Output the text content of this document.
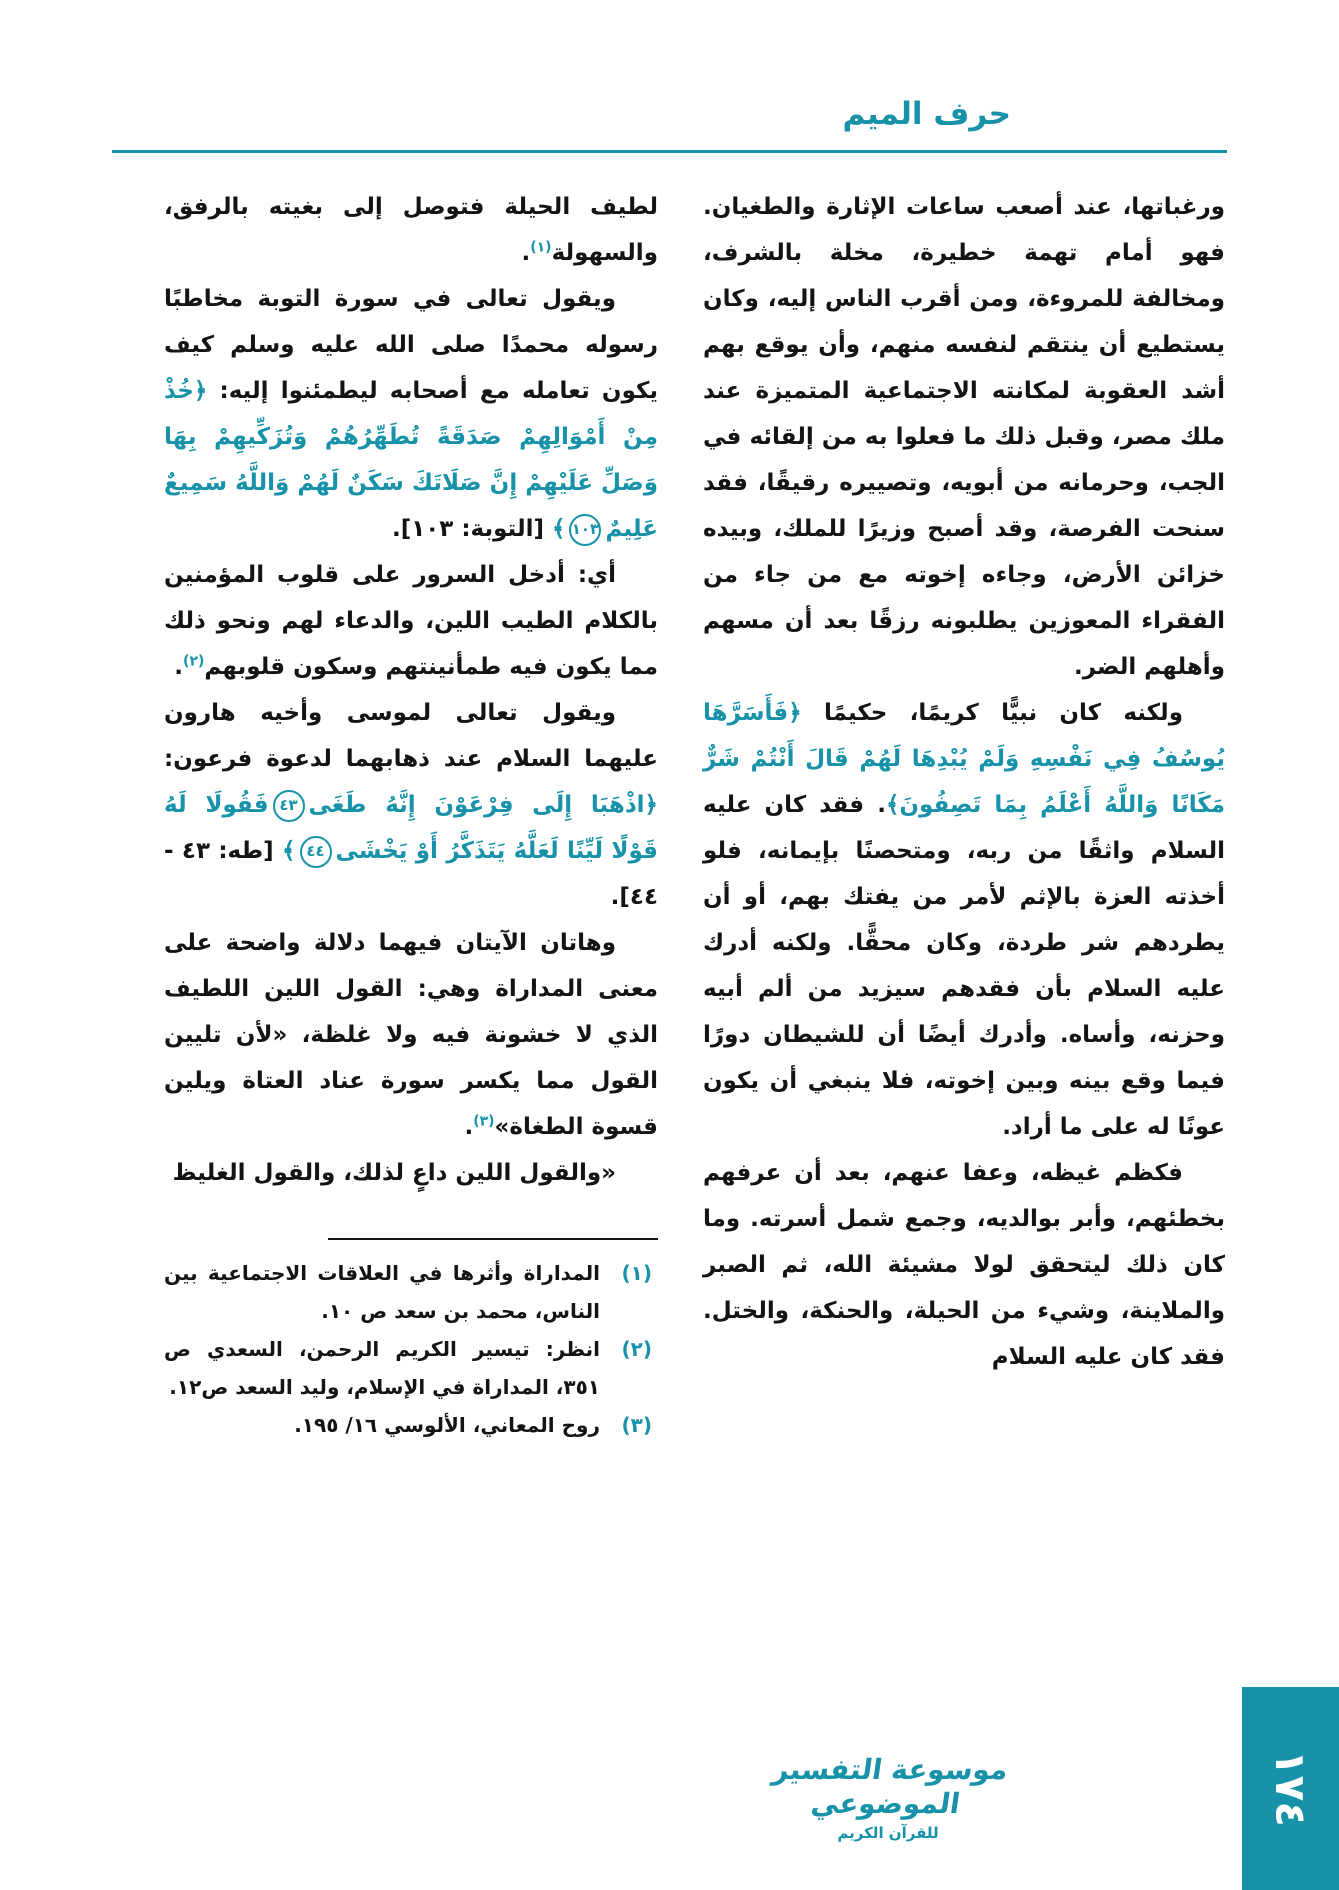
حرف الميم

ورغباتها، عند أصعب ساعات الإثارة والطغيان. فهو أمام تهمة خطيرة، مخلة بالشرف، ومخالفة للمروءة، ومن أقرب الناس إليه، وكان يستطيع أن ينتقم لنفسه منهم، وأن يوقع بهم أشد العقوبة لمكانته الاجتماعية المتميزة عند ملك مصر، وقبل ذلك ما فعلوا به من إلقائه في الجب، وحرمانه من أبويه، وتصييره رقيقًا، فقد سنحت الفرصة، وقد أصبح وزيرًا للملك، وبيده خزائن الأرض، وجاءه إخوته مع من جاء من الفقراء المعوزين يطلبونه رزقًا بعد أن مسهم وأهلهم الضر.

ولكنه كان نبيًّا كريمًا، حكيمًا ﴿فَأَسَرَّهَا يُوسُفُ فِي نَفْسِهِ وَلَمْ يُبْدِهَا لَهُمْ قَالَ أَنْتُمْ شَرٌّ مَكَانًا وَاللَّهُ أَعْلَمُ بِمَا تَصِفُونَ﴾. فقد كان عليه السلام واثقًا من ربه، ومتحصنًا بإيمانه، فلو أخذته العزة بالإثم لأمر من يفتك بهم، أو أن يطردهم شر طردة، وكان محقًّا. ولكنه أدرك عليه السلام بأن فقدهم سيزيد من ألم أبيه وحزنه، وأساه. وأدرك أيضًا أن للشيطان دورًا فيما وقع بينه وبين إخوته، فلا ينبغي أن يكون عونًا له على ما أراد.

فكظم غيظه، وعفا عنهم، بعد أن عرفهم بخطئهم، وأبر بوالديه، وجمع شمل أسرته. وما كان ذلك ليتحقق لولا مشيئة الله، ثم الصبر والملاينة، وشيء من الحيلة، والحنكة، والختل. فقد كان عليه السلام

لطيف الحيلة فتوصل إلى بغيته بالرفق، والسهولة$^{(١)}$.

ويقول تعالى في سورة التوبة مخاطبًا رسوله محمدًا صلى الله عليه وسلم كيف يكون تعامله مع أصحابه ليطمئنوا إليه: ﴿خُذْ مِنْ أَمْوَالِهِمْ صَدَقَةً تُطَهِّرُهُمْ وَتُزَكِّيهِمْ بِهَا وَصَلِّ عَلَيْهِمْ إِنَّ صَلَاتَكَ سَكَنٌ لَهُمْ وَاللَّهُ سَمِيعٌ عَلِيمٌ١٠٣﴾ [التوبة: ١٠٣].

أي: أدخل السرور على قلوب المؤمنين بالكلام الطيب اللين، والدعاء لهم ونحو ذلك مما يكون فيه طمأنينتهم وسكون قلوبهم$^{(٢)}$.

ويقول تعالى لموسى وأخيه هارون عليهما السلام عند ذهابهما لدعوة فرعون: ﴿اذْهَبَا إِلَى فِرْعَوْنَ إِنَّهُ طَغَى٤٣فَقُولَا لَهُ قَوْلًا لَيِّنًا لَعَلَّهُ يَتَذَكَّرُ أَوْ يَخْشَى٤٤﴾ [طه: ٤٣ - ٤٤].

وهاتان الآيتان فيهما دلالة واضحة على معنى المداراة وهي: القول اللين اللطيف الذي لا خشونة فيه ولا غلظة، «لأن تليين القول مما يكسر سورة عناد العتاة ويلين قسوة الطغاة»$^{(٣)}$.

«والقول اللين داعٍ لذلك، والقول الغليظ

(١)
المداراة وأثرها في العلاقات الاجتماعية بين الناس، محمد بن سعد ص ١٠.
(٢)
انظر: تيسير الكريم الرحمن، السعدي ص ٣٥١، المداراة في الإسلام، وليد السعد ص١٢.
(٣)
روح المعاني، الألوسي ١٦/ ١٩٥.
موسوعة التفسير الموضوعي
للقرآن الكريم
١٧٤
